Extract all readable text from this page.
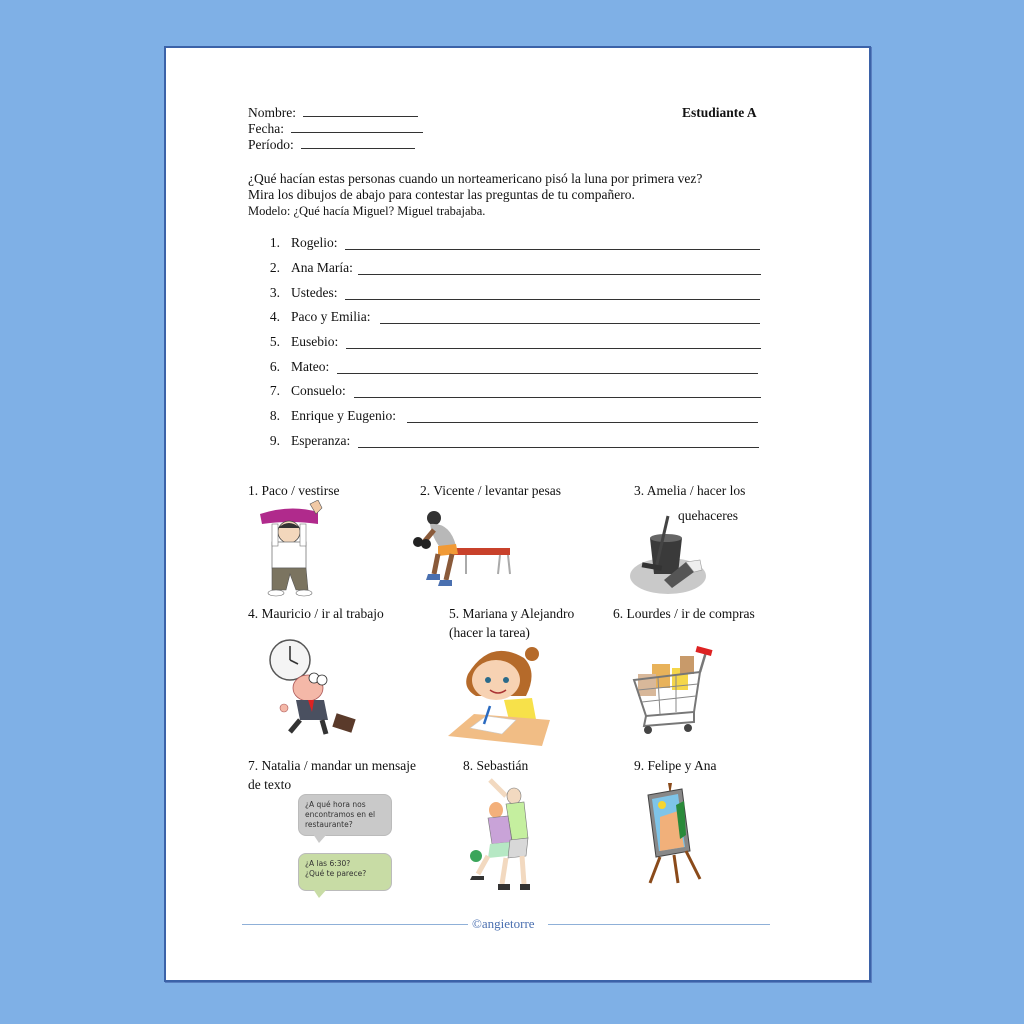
Nombre:
Fecha:
Período:
Estudiante A
¿Qué hacían estas personas cuando un norteamericano pisó la luna por primera vez?
Mira los dibujos de abajo para contestar las preguntas de tu compañero.
Modelo: ¿Qué hacía Miguel? Miguel trabajaba.
1. Rogelio:
2. Ana María:
3. Ustedes:
4. Paco y Emilia:
5. Eusebio:
6. Mateo:
7. Consuelo:
8. Enrique y Eugenio:
9. Esperanza:
1. Paco / vestirse	2. Vicente / levantar pesas	3. Amelia / hacer los
quehaceres
4. Mauricio / ir al trabajo	5. Mariana y Alejandro
(hacer la tarea)
6. Lourdes / ir de compras
7. Natalia / mandar un mensaje
de texto
8. Sebastián	9. Felipe y Ana
¿A qué hora nos
encontramos en el
restaurante?
¿A las 6:30?
¿Qué te parece?
©angietorre
